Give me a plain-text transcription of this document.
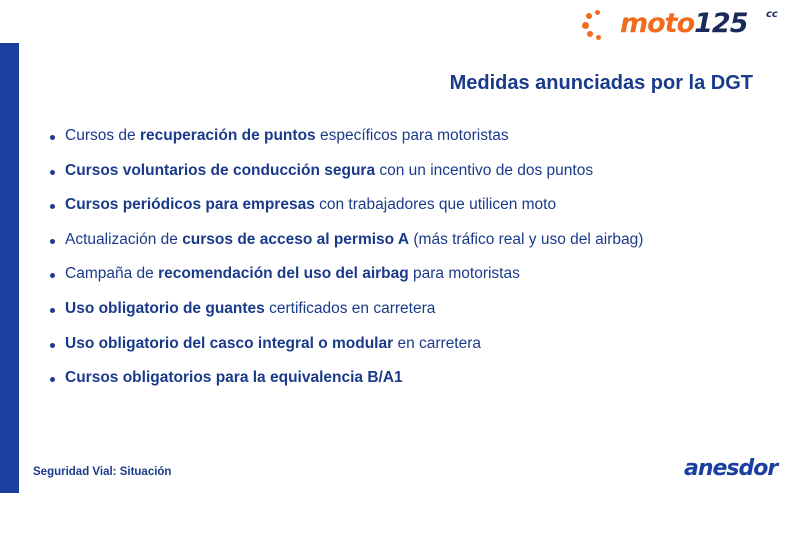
moto125 cc
Medidas anunciadas por la DGT
Cursos de recuperación de puntos específicos para motoristas
Cursos voluntarios de conducción segura con un incentivo de dos puntos
Cursos periódicos para empresas con trabajadores que utilicen moto
Actualización de cursos de acceso al permiso A (más tráfico real y uso del airbag)
Campaña de recomendación del uso del airbag para motoristas
Uso obligatorio de guantes certificados en carretera
Uso obligatorio del casco integral o modular en carretera
Cursos obligatorios para la equivalencia B/A1
Seguridad Vial: Situación	anesdor
